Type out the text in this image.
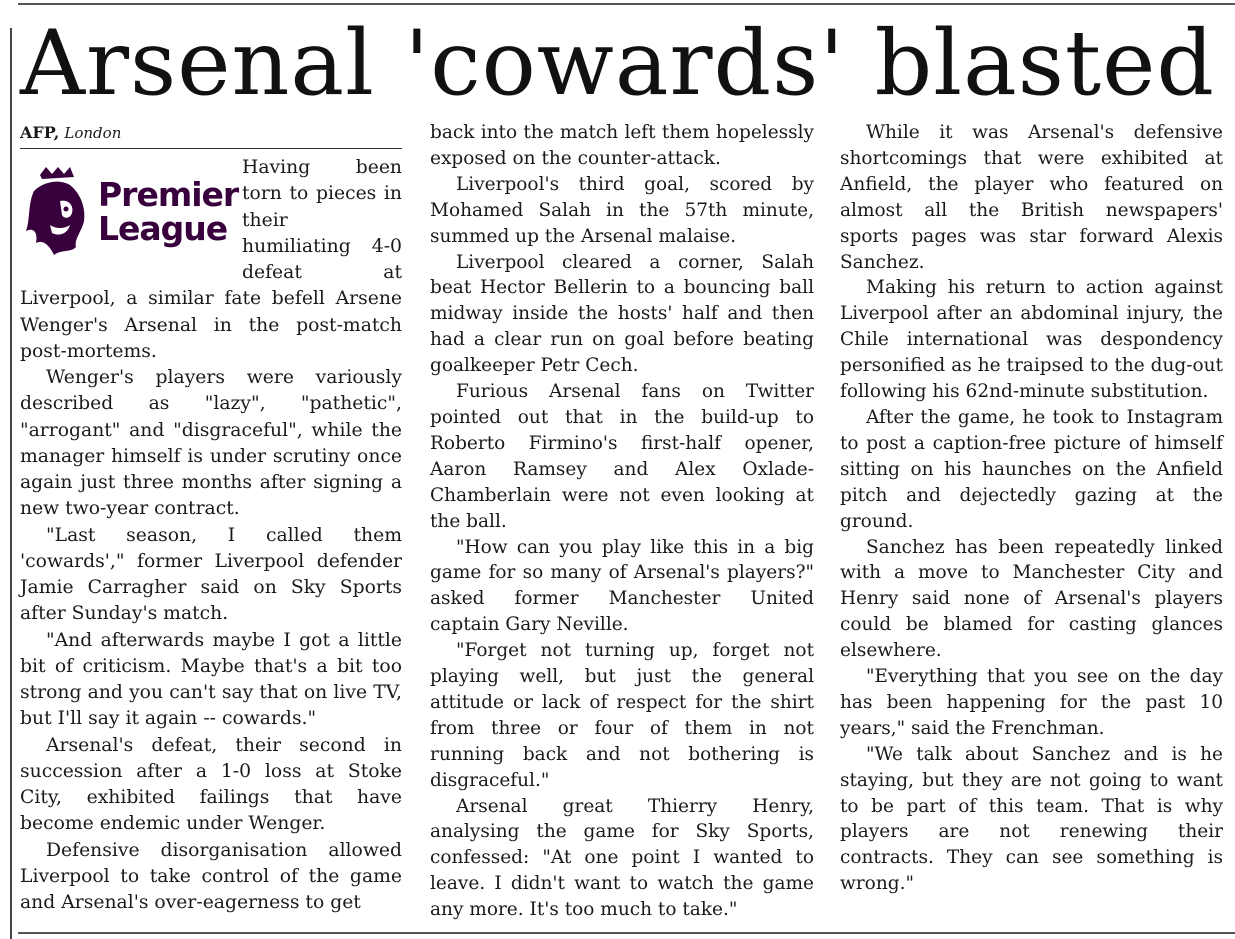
Arsenal 'cowards' blasted
AFP, London
Premier
League

Having been torn to pieces in their humiliating 4-0 defeat at Liverpool, a similar fate befell Arsene Wenger's Arsenal in the post-match post-mortems.

Wenger's players were variously described as "lazy", "pathetic", "arrogant" and "disgraceful", while the manager himself is under scrutiny once again just three months after signing a new two-year contract.

"Last season, I called them 'cowards'," former Liverpool defender Jamie Carragher said on Sky Sports after Sunday's match.

"And afterwards maybe I got a little bit of criticism. Maybe that's a bit too strong and you can't say that on live TV, but I'll say it again -- cowards."

Arsenal's defeat, their second in succession after a 1-0 loss at Stoke City, exhibited failings that have become endemic under Wenger.

Defensive disorganisation allowed Liverpool to take control of the game and Arsenal's over-eagerness to get

back into the match left them hopelessly exposed on the counter-attack.

Liverpool's third goal, scored by Mohamed Salah in the 57th minute, summed up the Arsenal malaise.

Liverpool cleared a corner, Salah beat Hector Bellerin to a bouncing ball midway inside the hosts' half and then had a clear run on goal before beating goalkeeper Petr Cech.

Furious Arsenal fans on Twitter pointed out that in the build-up to Roberto Firmino's first-half opener, Aaron Ramsey and Alex Oxlade-Chamberlain were not even looking at the ball.

"How can you play like this in a big game for so many of Arsenal's players?" asked former Manchester United captain Gary Neville.

"Forget not turning up, forget not playing well, but just the general attitude or lack of respect for the shirt from three or four of them in not running back and not bothering is disgraceful."

Arsenal great Thierry Henry, analysing the game for Sky Sports, confessed: "At one point I wanted to leave. I didn't want to watch the game any more. It's too much to take."

While it was Arsenal's defensive shortcomings that were exhibited at Anfield, the player who featured on almost all the British newspapers' sports pages was star forward Alexis Sanchez.

Making his return to action against Liverpool after an abdominal injury, the Chile international was despondency personified as he traipsed to the dug-out following his 62nd-minute substitution.

After the game, he took to Instagram to post a caption-free picture of himself sitting on his haunches on the Anfield pitch and dejectedly gazing at the ground.

Sanchez has been repeatedly linked with a move to Manchester City and Henry said none of Arsenal's players could be blamed for casting glances elsewhere.

"Everything that you see on the day has been happening for the past 10 years," said the Frenchman.

"We talk about Sanchez and is he staying, but they are not going to want to be part of this team. That is why players are not renewing their contracts. They can see something is wrong."
